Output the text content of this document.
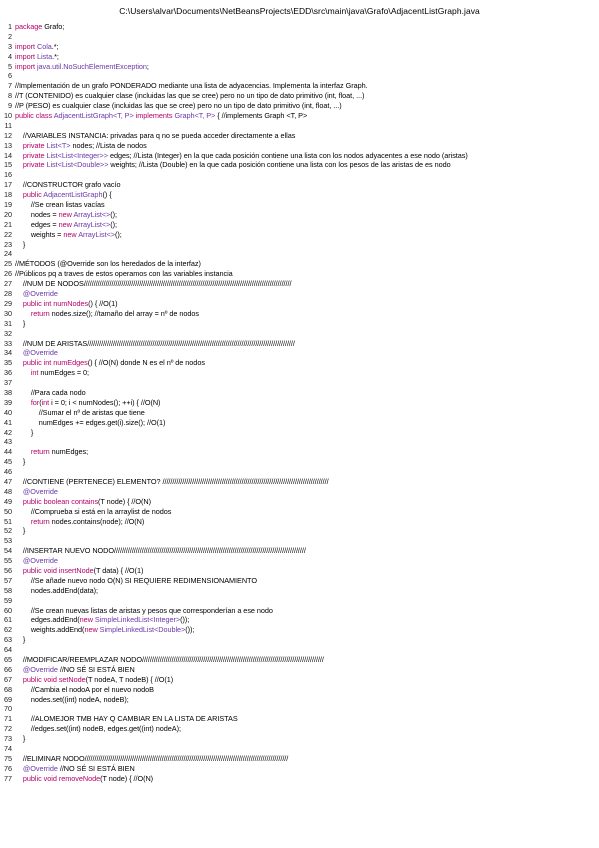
C:\Users\alvar\Documents\NetBeansProjects\EDD\src\main\java\Grafo\AdjacentListGraph.java
1 package Grafo;
2
3 import Cola.*;
4 import Lista.*;
5 import java.util.NoSuchElementException;
6
7 //Implementación de un grafo PONDERADO mediante una lista de adyacencias. Implementa la interfaz Graph.
8 //T (CONTENIDO) es cualquier clase (incluidas las que se cree) pero no un tipo de dato primitivo (int, float, ...)
9 //P (PESO) es cualquier clase (incluidas las que se cree) pero no un tipo de dato primitivo (int, float, ...)
10 public class AdjacentListGraph<T, P> implements Graph<T, P> { //implements Graph <T, P>
11
12 //VARIABLES INSTANCIA: privadas para q no se pueda acceder directamente a ellas
13 private List<T> nodes; //Lista de nodos
14 private List<List<Integer>> edges; //Lista (Integer) en la que cada posición contiene una lista con los nodos adyacentes a ese nodo (aristas)
15 private List<List<Double>> weights; //Lista (Double) en la que cada posición contiene una lista con los pesos de las aristas de es nodo
16
17 //CONSTRUCTOR grafo vacío
18 public AdjacentListGraph() {
19 //Se crean listas vacías
20 nodes = new ArrayList<>();
21 edges = new ArrayList<>();
22 weights = new ArrayList<>();
23 }
24
25 //MÉTODOS (@Override son los heredados de la interfaz)
26 //Públicos pq a traves de estos operamos con las variables instancia
27 //NUM DE NODOS/////////////////////////////////////////////////////////////////////////////////////////////////////////
28 @Override
29 public int numNodes() { //O(1)
30 return nodes.size(); //tamaño del array = nº de nodos
31 }
32
33 //NUM DE ARISTAS/////////////////////////////////////////////////////////////////////////////////////////////////////////
34 @Override
35 public int numEdges() { //O(N) donde N es el nº de nodos
36 int numEdges = 0;
37
38 //Para cada nodo
39 for(int i = 0; i < numNodes(); ++i) { //O(N)
40 //Sumar el nº de aristas que tiene
41 numEdges += edges.get(i).size(); //O(1)
42 }
43
44 return numEdges;
45 }
46
47 //CONTIENE (PERTENECE) ELEMENTO? ////////////////////////////////////////////////////////////////////////////////////
48 @Override
49 public boolean contains(T node) { //O(N)
50 //Comprueba si está en la arraylist de nodos
51 return nodes.contains(node); //O(N)
52 }
53
54 //INSERTAR NUEVO NODO/////////////////////////////////////////////////////////////////////////////////////////////////
55 @Override
56 public void insertNode(T data) { //O(1)
57 //Se añade nuevo nodo O(N) SI REQUIERE REDIMENSIONAMIENTO
58 nodes.addEnd(data);
59
60 //Se crean nuevas listas de aristas y pesos que corresponderían a ese nodo
61 edges.addEnd(new SimpleLinkedList<Integer>());
62 weights.addEnd(new SimpleLinkedList<Double>());
63 }
64
65 //MODIFICAR/REEMPLAZAR NODO////////////////////////////////////////////////////////////////////////////////////////////
66 @Override //NO SÉ SI ESTÁ BIEN
67 public void setNode(T nodeA, T nodeB) { //O(1)
68 //Cambia el nodoA por el nuevo nodoB
69 nodes.set((int) nodeA, nodeB);
70
71 //ALOMEJOR TMB HAY Q CAMBIAR EN LA LISTA DE ARISTAS
72 //edges.set((int) nodeB, edges.get((int) nodeA);
73 }
74
75 //ELIMINAR NODO///////////////////////////////////////////////////////////////////////////////////////////////////////
76 @Override //NO SÉ SI ESTÁ BIEN
77 public void removeNode(T node) { //O(N)
